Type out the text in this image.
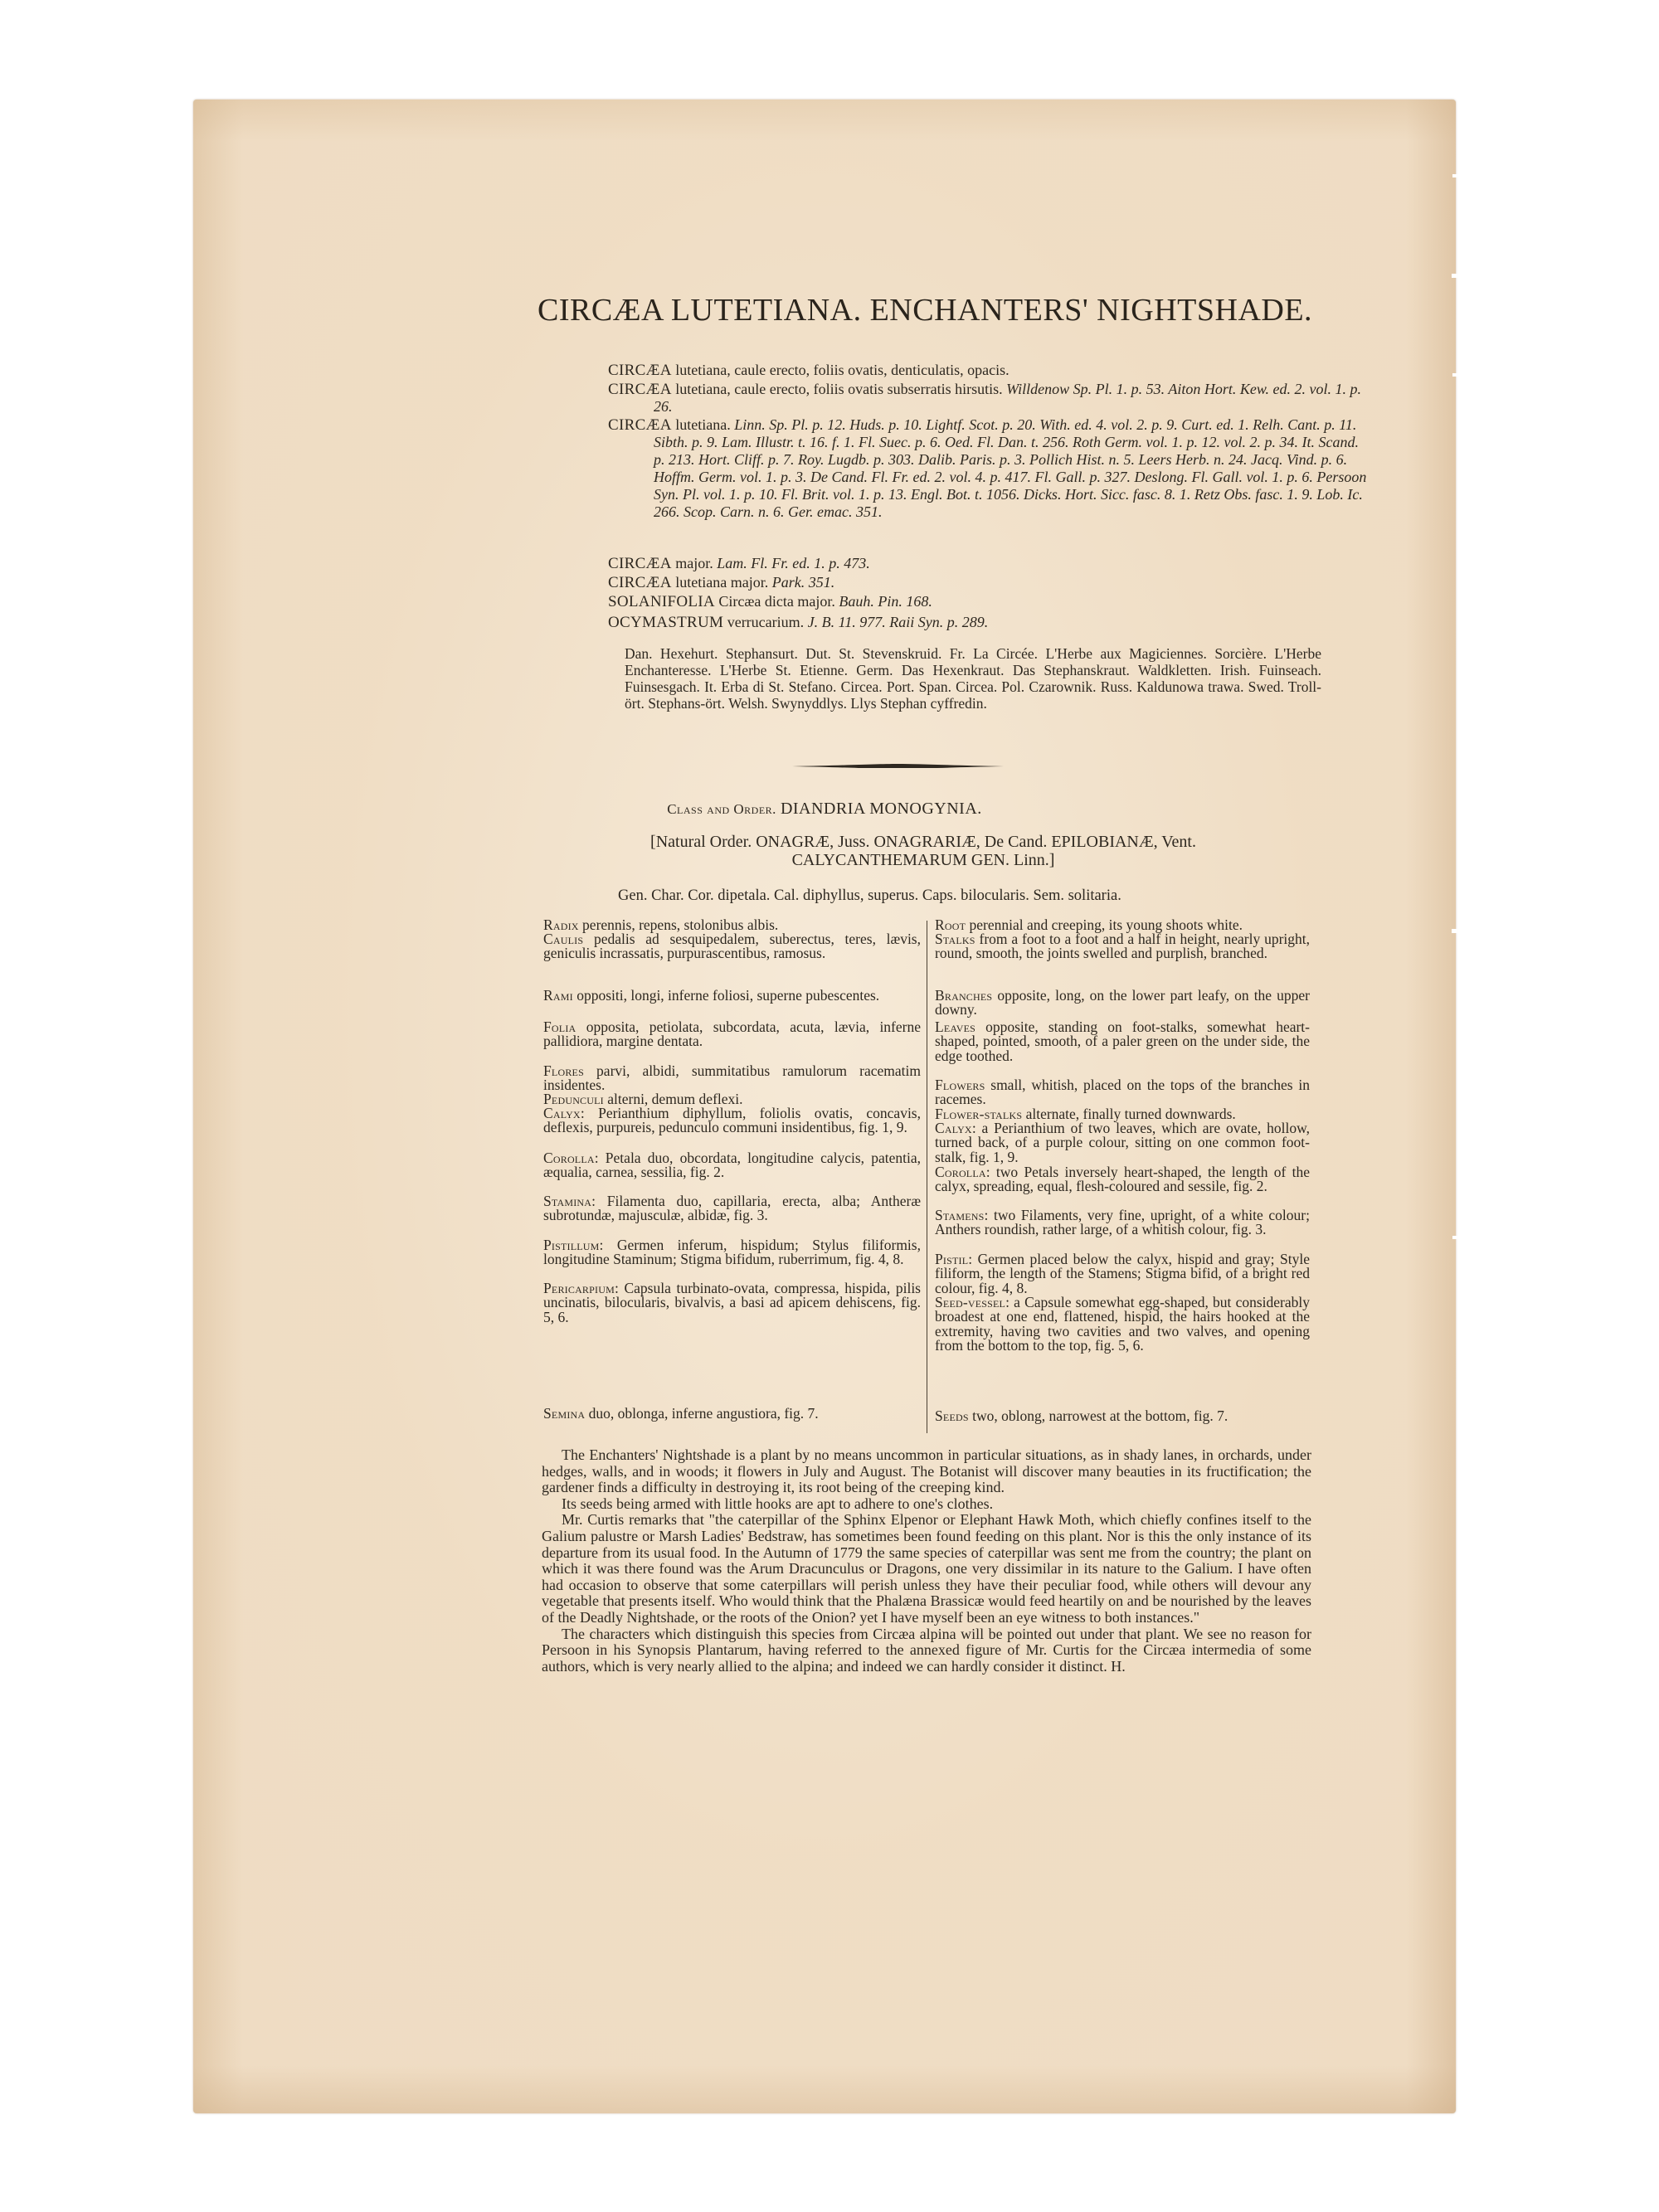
CIRCÆA LUTETIANA. ENCHANTERS' NIGHTSHADE.
CIRCÆA lutetiana, caule erecto, foliis ovatis, denticulatis, opacis.
CIRCÆA lutetiana, caule erecto, foliis ovatis subserratis hirsutis. Willdenow Sp. Pl. 1. p. 53. Aiton Hort. Kew. ed. 2. vol. 1. p. 26.
CIRCÆA lutetiana. Linn. Sp. Pl. p. 12. Huds. p. 10. Lightf. Scot. p. 20. With. ed. 4. vol. 2. p. 9. Curt. ed. 1. Relh. Cant. p. 11. Sibth. p. 9. Lam. Illustr. t. 16. f. 1. Fl. Suec. p. 6. Oed. Fl. Dan. t. 256. Roth Germ. vol. 1. p. 12. vol. 2. p. 34. It. Scand. p. 213. Hort. Cliff. p. 7. Roy. Lugdb. p. 303. Dalib. Paris. p. 3. Pollich Hist. n. 5. Leers Herb. n. 24. Jacq. Vind. p. 6. Hoffm. Germ. vol. 1. p. 3. De Cand. Fl. Fr. ed. 2. vol. 4. p. 417. Fl. Gall. p. 327. Deslong. Fl. Gall. vol. 1. p. 6. Persoon Syn. Pl. vol. 1. p. 10. Fl. Brit. vol. 1. p. 13. Engl. Bot. t. 1056. Dicks. Hort. Sicc. fasc. 8. 1. Retz Obs. fasc. 1. 9. Lob. Ic. 266. Scop. Carn. n. 6. Ger. emac. 351.
CIRCÆA major. Lam. Fl. Fr. ed. 1. p. 473.
CIRCÆA lutetiana major. Park. 351.
SOLANIFOLIA Circæa dicta major. Bauh. Pin. 168.
OCYMASTRUM verrucarium. J. B. 11. 977. Raii Syn. p. 289.
Dan. Hexehurt. Stephansurt. Dut. St. Stevenskruid. Fr. La Circée. L'Herbe aux Magiciennes. Sorcière. L'Herbe Enchanteresse. L'Herbe St. Etienne. Germ. Das Hexenkraut. Das Stephanskraut. Waldkletten. Irish. Fuinseach. Fuinsesgach. It. Erba di St. Stefano. Circea. Port. Span. Circea. Pol. Czarownik. Russ. Kaldunowa trawa. Swed. Troll-ört. Stephans-ört. Welsh. Swynyddlys. Llys Stephan cyffredin.
Class and Order. DIANDRIA MONOGYNIA.
[Natural Order. ONAGRÆ, Juss. ONAGRARIÆ, De Cand. EPILOBIANÆ, Vent.
CALYCANTHEMARUM GEN. Linn.]
Gen. Char. Cor. dipetala. Cal. diphyllus, superus. Caps. bilocularis. Sem. solitaria.
Radix perennis, repens, stolonibus albis.
Caulis pedalis ad sesquipedalem, suberectus, teres, lævis, geniculis incrassatis, purpurascentibus, ramosus.
Rami oppositi, longi, inferne foliosi, superne pubescentes.
Folia opposita, petiolata, subcordata, acuta, lævia, inferne pallidiora, margine dentata.
Flores parvi, albidi, summitatibus ramulorum racematim insidentes.
Pedunculi alterni, demum deflexi.
Calyx: Perianthium diphyllum, foliolis ovatis, concavis, deflexis, purpureis, pedunculo communi insidentibus, fig. 1, 9.
Corolla: Petala duo, obcordata, longitudine calycis, patentia, æqualia, carnea, sessilia, fig. 2.
Stamina: Filamenta duo, capillaria, erecta, alba; Antheræ subrotundæ, majusculæ, albidæ, fig. 3.
Pistillum: Germen inferum, hispidum; Stylus filiformis, longitudine Staminum; Stigma bifidum, ruberrimum, fig. 4, 8.
Pericarpium: Capsula turbinato-ovata, compressa, hispida, pilis uncinatis, bilocularis, bivalvis, a basi ad apicem dehiscens, fig. 5, 6.
Semina duo, oblonga, inferne angustiora, fig. 7.
Root perennial and creeping, its young shoots white.
Stalks from a foot to a foot and a half in height, nearly upright, round, smooth, the joints swelled and purplish, branched.
Branches opposite, long, on the lower part leafy, on the upper downy.
Leaves opposite, standing on foot-stalks, somewhat heart-shaped, pointed, smooth, of a paler green on the under side, the edge toothed.
Flowers small, whitish, placed on the tops of the branches in racemes.
Flower-stalks alternate, finally turned downwards.
Calyx: a Perianthium of two leaves, which are ovate, hollow, turned back, of a purple colour, sitting on one common foot-stalk, fig. 1, 9.
Corolla: two Petals inversely heart-shaped, the length of the calyx, spreading, equal, flesh-coloured and sessile, fig. 2.
Stamens: two Filaments, very fine, upright, of a white colour; Anthers roundish, rather large, of a whitish colour, fig. 3.
Pistil: Germen placed below the calyx, hispid and gray; Style filiform, the length of the Stamens; Stigma bifid, of a bright red colour, fig. 4, 8.
Seed-vessel: a Capsule somewhat egg-shaped, but considerably broadest at one end, flattened, hispid, the hairs hooked at the extremity, having two cavities and two valves, and opening from the bottom to the top, fig. 5, 6.
Seeds two, oblong, narrowest at the bottom, fig. 7.

The Enchanters' Nightshade is a plant by no means uncommon in particular situations, as in shady lanes, in orchards, under hedges, walls, and in woods; it flowers in July and August. The Botanist will discover many beauties in its fructification; the gardener finds a difficulty in destroying it, its root being of the creeping kind.

Its seeds being armed with little hooks are apt to adhere to one's clothes.

Mr. Curtis remarks that "the caterpillar of the Sphinx Elpenor or Elephant Hawk Moth, which chiefly confines itself to the Galium palustre or Marsh Ladies' Bedstraw, has sometimes been found feeding on this plant. Nor is this the only instance of its departure from its usual food. In the Autumn of 1779 the same species of caterpillar was sent me from the country; the plant on which it was there found was the Arum Dracunculus or Dragons, one very dissimilar in its nature to the Galium. I have often had occasion to observe that some caterpillars will perish unless they have their peculiar food, while others will devour any vegetable that presents itself. Who would think that the Phalæna Brassicæ would feed heartily on and be nourished by the leaves of the Deadly Nightshade, or the roots of the Onion? yet I have myself been an eye witness to both instances."

The characters which distinguish this species from Circæa alpina will be pointed out under that plant. We see no reason for Persoon in his Synopsis Plantarum, having referred to the annexed figure of Mr. Curtis for the Circæa intermedia of some authors, which is very nearly allied to the alpina; and indeed we can hardly consider it distinct. H.
